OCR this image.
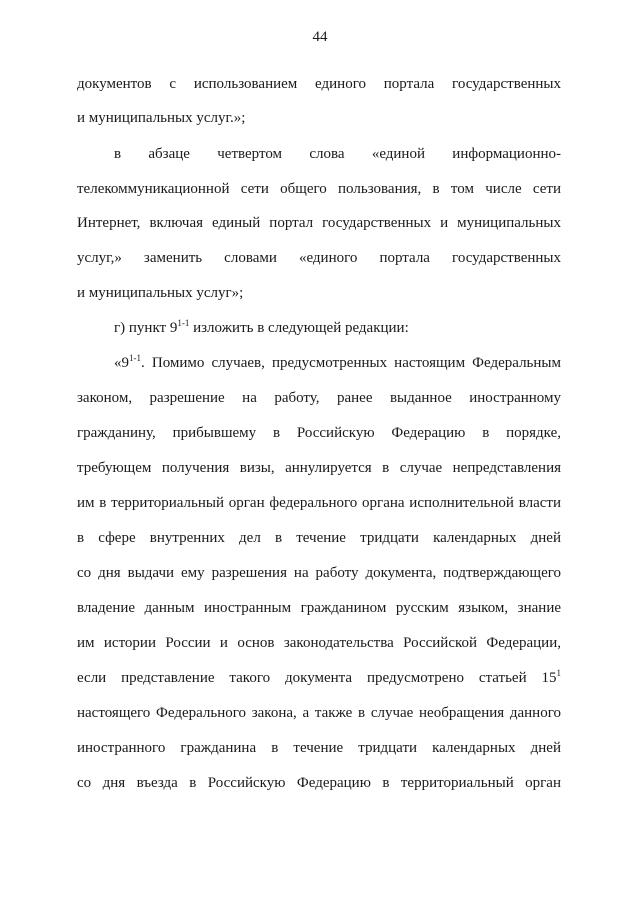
44
документов с использованием единого портала государственных
и муниципальных услуг.»;
в абзаце четвертом слова «единой информационно-
телекоммуникационной сети общего пользования, в том числе сети
Интернет, включая единый портал государственных и муниципальных
услуг,» заменить словами «единого портала государственных
и муниципальных услуг»;
г) пункт 9$^{1-1}$ изложить в следующей редакции:
«9$^{1-1}$. Помимо случаев, предусмотренных настоящим Федеральным
законом, разрешение на работу, ранее выданное иностранному
гражданину, прибывшему в Российскую Федерацию в порядке,
требующем получения визы, аннулируется в случае непредставления
им в территориальный орган федерального органа исполнительной власти
в сфере внутренних дел в течение тридцати календарных дней
со дня выдачи ему разрешения на работу документа, подтверждающего
владение данным иностранным гражданином русским языком, знание
им истории России и основ законодательства Российской Федерации,
если представление такого документа предусмотрено статьей $15^1$
настоящего Федерального закона, а также в случае необращения данного
иностранного гражданина в течение тридцати календарных дней
со дня въезда в Российскую Федерацию в территориальный орган
